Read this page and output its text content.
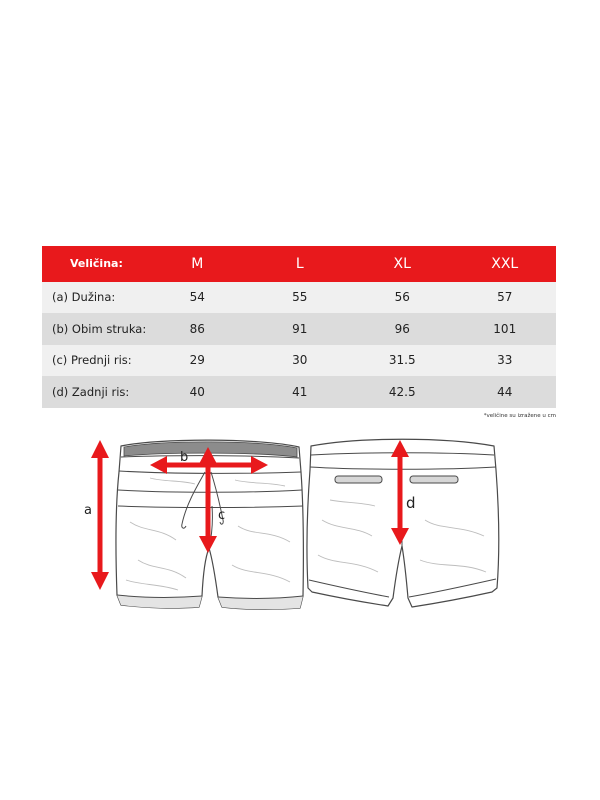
Veličina:	M	L	XL	XXL
(a) Dužina:	54	55	56	57
(b) Obim struka:	86	91	96	101
(c) Prednji ris:	29	30	31.5	33
(d) Zadnji ris:	40	41	42.5	44
*veličine su izražene u cm
a
b
c
d
